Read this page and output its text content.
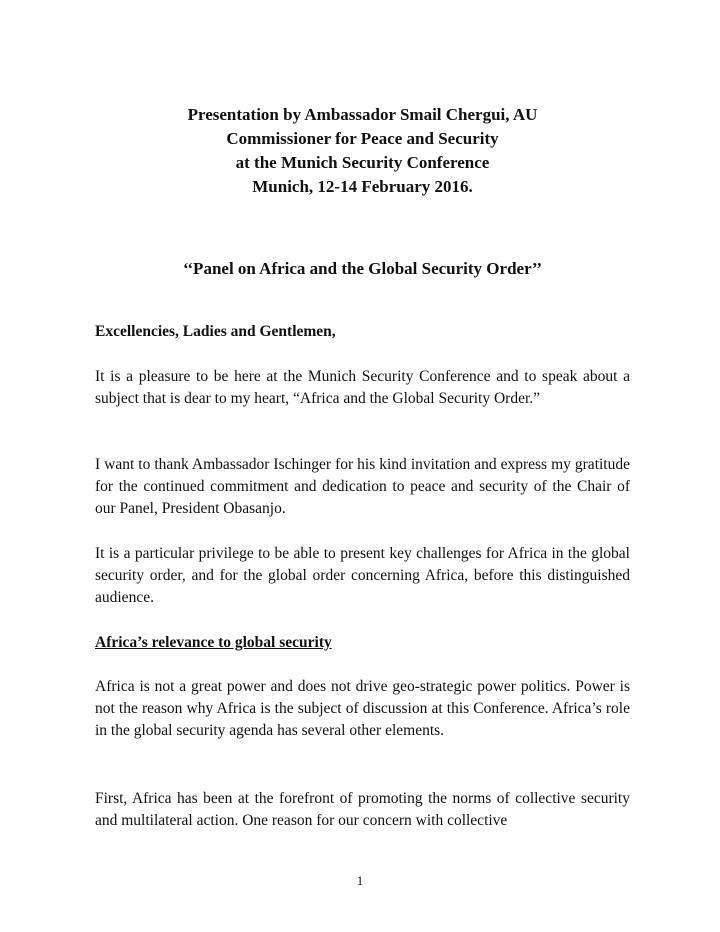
Presentation by Ambassador Smail Chergui, AU
Commissioner for Peace and Security
at the Munich Security Conference
Munich, 12-14 February 2016.
‘‘Panel on Africa and the Global Security Order’’
Excellencies, Ladies and Gentlemen,

It is a pleasure to be here at the Munich Security Conference and to speak about a subject that is dear to my heart, “Africa and the Global Security Order.”

I want to thank Ambassador Ischinger for his kind invitation and express my gratitude for the continued commitment and dedication to peace and security of the Chair of our Panel, President Obasanjo.

It is a particular privilege to be able to present key challenges for Africa in the global security order, and for the global order concerning Africa, before this distinguished audience.

Africa’s relevance to global security

Africa is not a great power and does not drive geo-strategic power politics. Power is not the reason why Africa is the subject of discussion at this Conference. Africa’s role in the global security agenda has several other elements.

First, Africa has been at the forefront of promoting the norms of collective security and multilateral action. One reason for our concern with collective

1
